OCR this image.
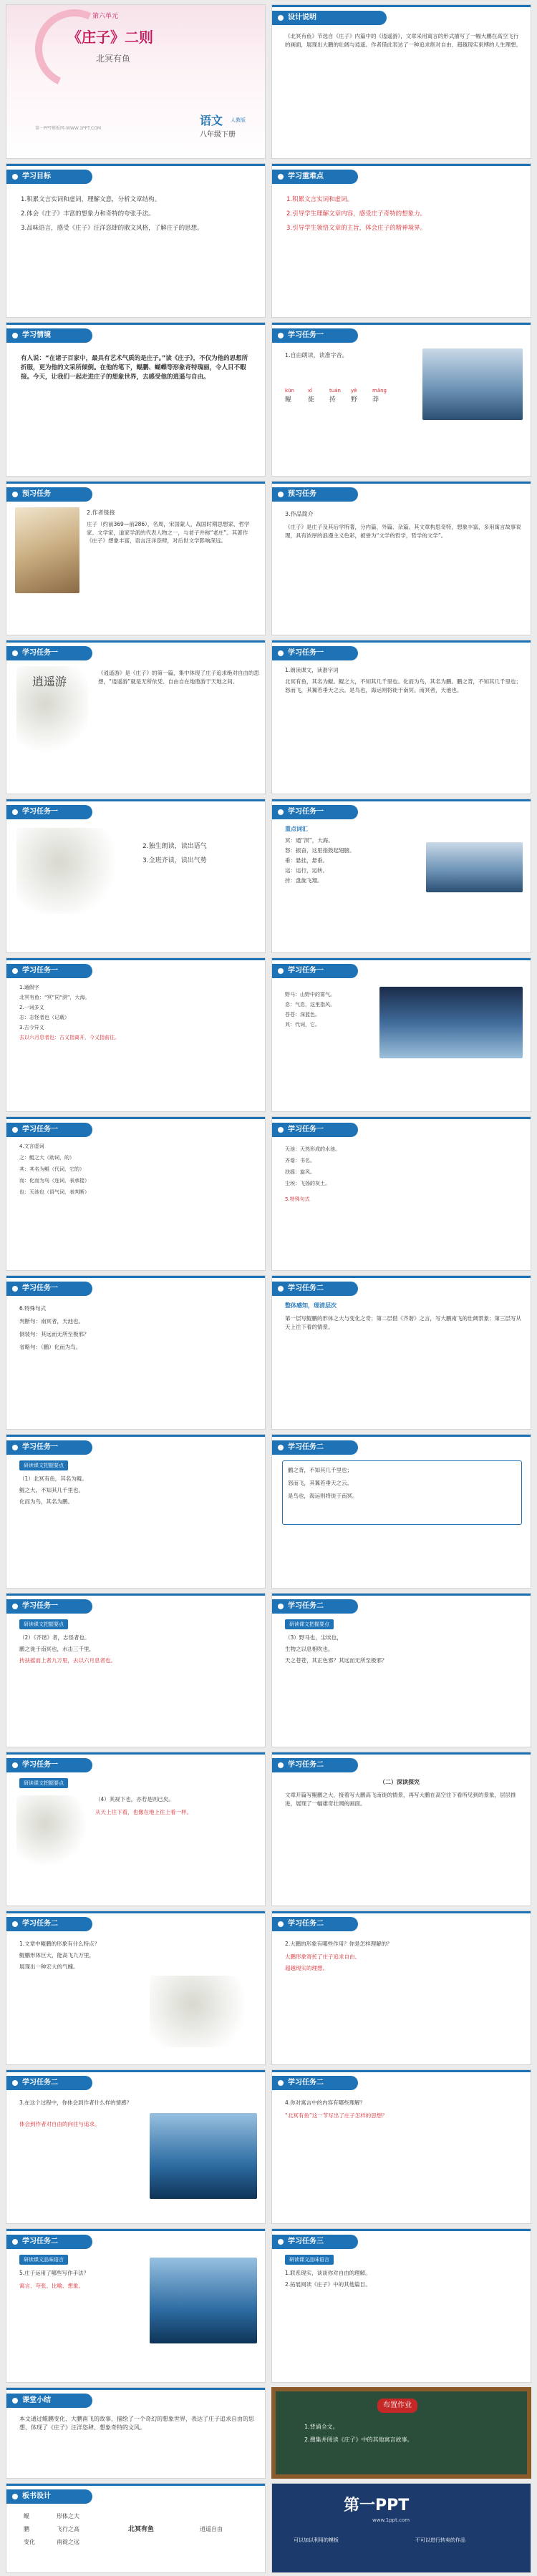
第六单元
《庄子》二则
北冥有鱼
第一PPT模板网-WWW.1PPT.COM
语文 人教版
八年级下册
设计说明
《北冥有鱼》节选自《庄子》内篇中的《逍遥游》，文章采用寓言的形式描写了一幅大鹏在高空飞行的画面，展现出大鹏的壮阔与逍遥。作者借此表达了一种追求绝对自由、超越现实束缚的人生理想。
学习目标
1.积累文言实词和虚词，理解文意，分析文章结构。
2.体会《庄子》丰富的想象力和奇特的夸张手法。
3.品味语言，感受《庄子》汪洋恣肆的散文风格，了解庄子的思想。
学习重难点
1.积累文言实词和虚词。
2.引导学生理解文章内容，感受庄子奇特的想象力。
3.引导学生领悟文章的主旨，体会庄子的精神境界。
学习情境
有人说：“在诸子百家中，最具有艺术气质的是庄子。”读《庄子》，不仅为他的思想所折服，更为他的文采所倾倒。在他的笔下，鲲鹏、蝴蝶等形象奇特瑰丽，令人目不暇接。今天，让我们一起走进庄子的想象世界，去感受他的逍遥与自由。
学习任务一
1.自由朗读，读准字音。
kūn
鲲
xǐ
徙
tuán
抟
yě
野
mǎng
莽
预习任务
2.作者链接
庄子（约前369—前286），名周，宋国蒙人，战国时期思想家、哲学家、文学家，道家学派的代表人物之一，与老子并称“老庄”。其著作《庄子》想象丰富，语言汪洋恣肆，对后世文学影响深远。
预习任务
3.作品简介
《庄子》是庄子及其后学所著，分内篇、外篇、杂篇。其文章构思奇特，想象丰富，多用寓言故事说理，具有浓厚的浪漫主义色彩，被誉为“文学的哲学，哲学的文学”。
学习任务一
逍遥游
《逍遥游》是《庄子》的第一篇，集中体现了庄子追求绝对自由的思想，“逍遥游”就是无所依凭、自由自在地遨游于天地之间。
学习任务一
1.朗读课文，读准字词
北冥有鱼，其名为鲲。鲲之大，不知其几千里也。化而为鸟，其名为鹏。鹏之背，不知其几千里也；怒而飞，其翼若垂天之云。是鸟也，海运则将徙于南冥。南冥者，天池也。
学习任务一
2.独生朗读，读出语气
3.全班齐读，读出气势
学习任务一
重点词汇
冥：通“溟”，大海。
怒：振奋，这里指鼓起翅膀。
垂：悬挂，悬垂。
运：运行，运转。
抟：盘旋飞翔。
学习任务一
1.通假字
北冥有鱼：“冥”同“溟”，大海。
2.一词多义
志：志怪者也（记载）
3.古今异义
去以六月息者也：古义指离开，今义指前往。
学习任务一
野马：山野中的雾气。
息：气息，这里指风。
苍苍：深蓝色。
其：代词，它。
学习任务一
4.文言虚词
之：鲲之大（助词，的）
其：其名为鲲（代词，它的）
而：化而为鸟（连词，表承接）
也：天池也（语气词，表判断）
学习任务一
天池：天然形成的水池。
齐谐：书名。
扶摇：旋风。
尘埃：飞扬的灰土。
5.特殊句式
学习任务一
6.特殊句式
判断句：南冥者，天池也。
倒装句：其远而无所至极邪？
省略句：（鹏）化而为鸟。
学习任务二
整体感知，理清层次
第一层写鲲鹏的形体之大与变化之奇；第二层借《齐谐》之言，写大鹏南飞的壮阔景象；第三层写从天上往下看的情景。
学习任务一
研读课文把握要点
（1）北冥有鱼，其名为鲲。
鲲之大，不知其几千里也。
化而为鸟，其名为鹏。
学习任务二
鹏之背，不知其几千里也；
怒而飞，其翼若垂天之云。
是鸟也，海运则将徙于南冥。
学习任务一
研读课文把握要点
（2）《齐谐》者，志怪者也。
鹏之徙于南冥也，水击三千里，
抟扶摇而上者九万里，去以六月息者也。
学习任务二
研读课文把握要点
（3）野马也，尘埃也，
生物之以息相吹也。
天之苍苍，其正色邪？其远而无所至极邪？
学习任务一
研读课文把握要点
（4）其视下也，亦若是则已矣。
从天上往下看，也像在地上往上看一样。
学习任务二
（二）深读探究
文章开篇写鲲鹏之大，接着写大鹏高飞南徙的情景，再写大鹏在高空往下看所见到的景象，层层推进，展现了一幅雄奇壮阔的画面。
学习任务二
1.文章中鲲鹏的形象有什么特点？
鲲鹏形体巨大，能高飞九万里，
展现出一种宏大的气魄。
学习任务二
2.大鹏的形象有哪些作用？你是怎样理解的？
大鹏形象寄托了庄子追求自由、
超越现实的理想。
学习任务二
3.在这个过程中，你体会到作者什么样的情感？
体会到作者对自由的向往与追求。
学习任务二
4.你对寓言中的内容有哪些理解？
“北冥有鱼”这一节写出了庄子怎样的思想？
学习任务二
研读课文品味语言
5.庄子运用了哪些写作手法？
寓言、夸张、比喻、想象。
学习任务三
研读课文品味语言
1.联系现实，谈谈你对自由的理解。
2.拓展阅读《庄子》中的其他篇目。
课堂小结
本文通过鲲鹏变化、大鹏南飞的故事，描绘了一个奇幻的想象世界，表达了庄子追求自由的思想，体现了《庄子》汪洋恣肆、想象奇特的文风。
布置作业
1.背诵全文。
2.搜集并阅读《庄子》中的其他寓言故事。
板书设计
鲲
鹏
变化
形体之大
飞行之高
南徙之远
北冥有鱼	逍遥自由
第一PPT
www.1ppt.com
可以加以利用的模板	不可以进行转卖的作品
